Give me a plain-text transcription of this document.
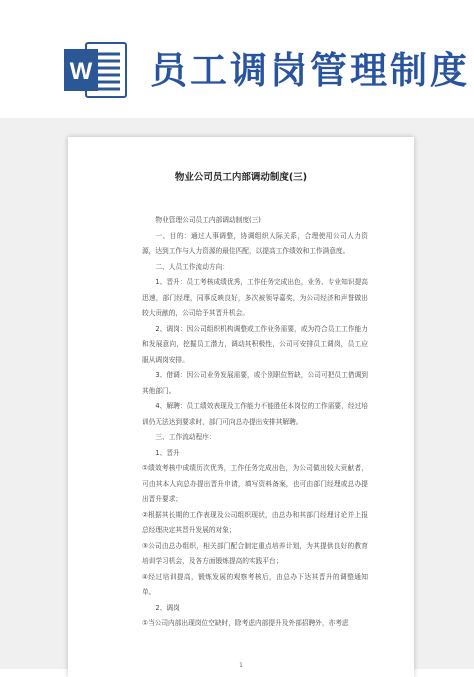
W 员工调岗管理制度
物业公司员工内部调动制度(三)

物业管理公司员工内部调动制度(三)

一、目的：通过人事调整，协调组织人际关系，合理使用公司人力资源，达到工作与人力资源的最佳匹配，以提高工作绩效和工作满意度。

二、人员工作流动方向：

1、晋升：员工考核成绩优秀，工作任务完成出色，业务、专业知识提高迅速，部门经理，同事反映良好，多次被领导嘉奖，为公司经济和声誉做出较大贡献的，公司给予其晋升机会。

2、调岗：因公司组织机构调整或工作业务需要，或为符合员工工作能力和发展意向，挖掘员工潜力，调动其积极性，公司可安排员工调岗，员工应服从调岗安排。

3、借调：因公司业务发展需要，或个别职位暂缺，公司可把员工借调到其他部门。

4、解聘：员工绩效表现及工作能力不能胜任本岗位的工作需要，经过培训仍无法达到要求时，部门可向总办提出安排其解聘。

三、工作流动程序：

1、晋升

①绩效考核中成绩历次优秀，工作任务完成出色，为公司做出较大贡献者，可由其本人向总办提出晋升申请，填写资料备案，也可由部门经理或总办提出晋升要求；

②根据其长期的工作表现及公司组织现状，由总办和其部门经理讨论并上报总经理决定其晋升发展的对象；

③公司由总办组织，相关部门配合制定重点培养计划，为其提供良好的教育培训学习机会，及各方面锻炼提高的实践平台；

④经过培训提高，锻炼发展的观察考核后，由总办下达其晋升的调整通知单。

2、调岗

①当公司内部出现岗位空缺时，除考虑内部提升及外部招聘外，亦考虑

1
